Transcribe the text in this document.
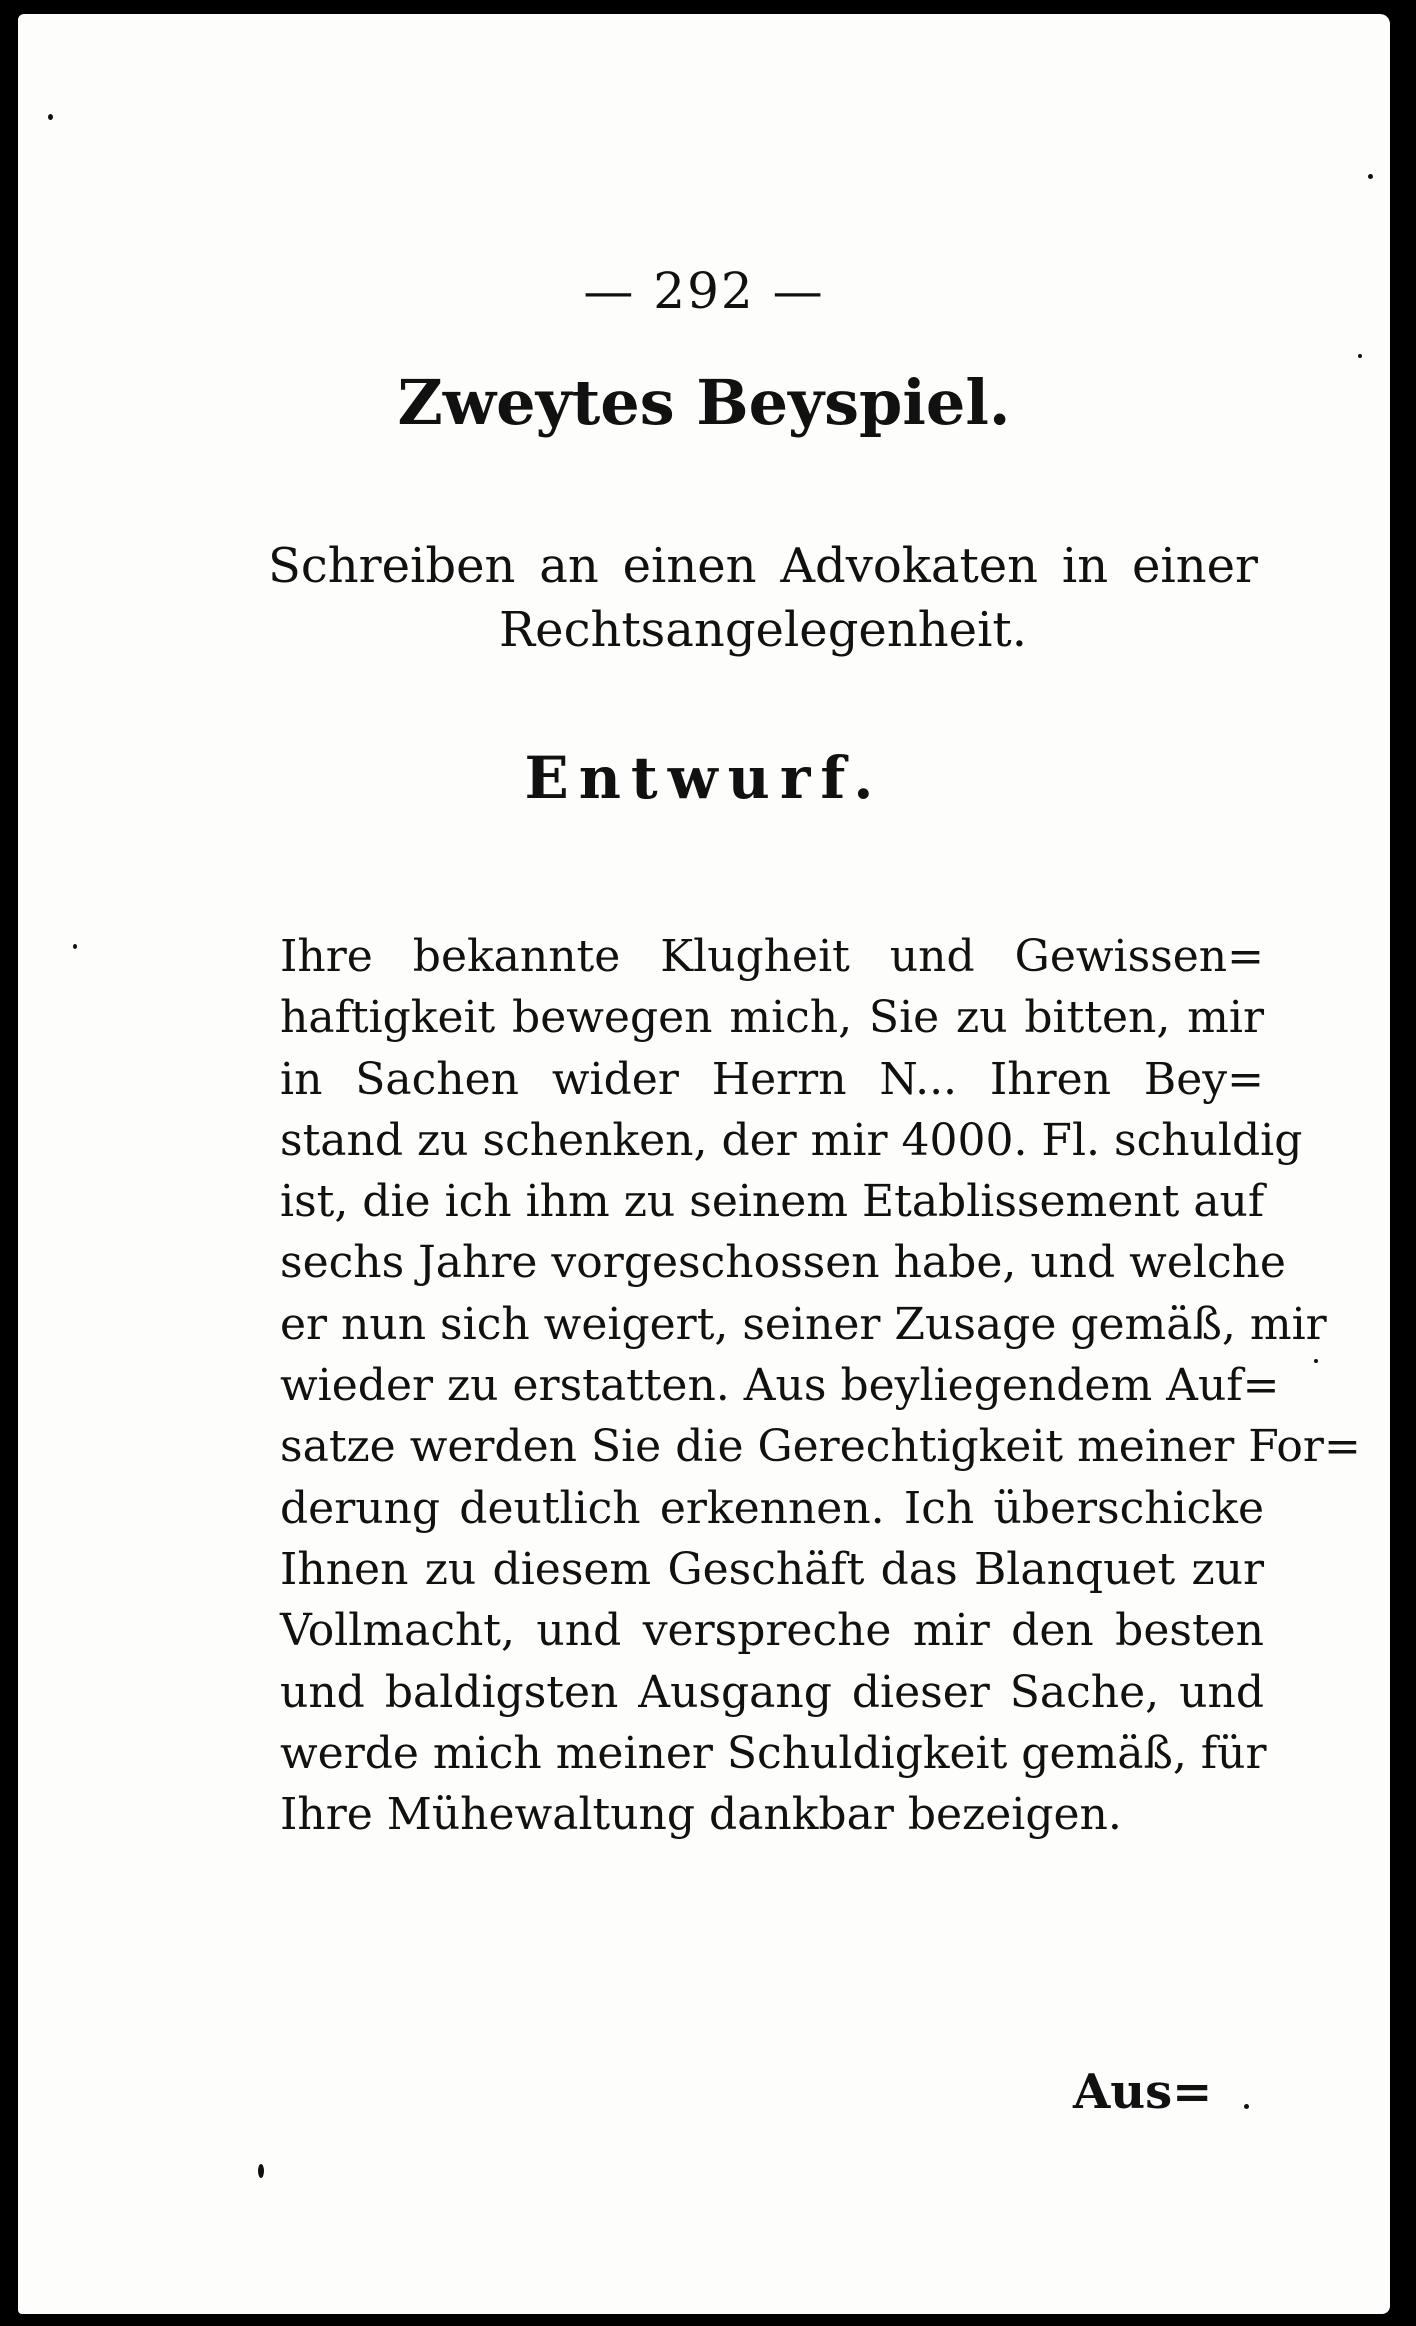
— 292 —
Zweytes Beyspiel.
Schreiben an einen Advokaten in einer
Rechtsangelegenheit.
Entwurf.
Ihre bekannte Klugheit und Gewissen=
haftigkeit bewegen mich, Sie zu bitten, mir
in Sachen wider Herrn N... Ihren Bey=
stand zu schenken, der mir 4000. Fl. schuldig
ist, die ich ihm zu seinem Etablissement auf
sechs Jahre vorgeschossen habe, und welche
er nun sich weigert, seiner Zusage gemäß, mir
wieder zu erstatten. Aus beyliegendem Auf=
satze werden Sie die Gerechtigkeit meiner For=
derung deutlich erkennen. Ich überschicke
Ihnen zu diesem Geschäft das Blanquet zur
Vollmacht, und verspreche mir den besten
und baldigsten Ausgang dieser Sache, und
werde mich meiner Schuldigkeit gemäß, für
Ihre Mühewaltung dankbar bezeigen.
Aus=
